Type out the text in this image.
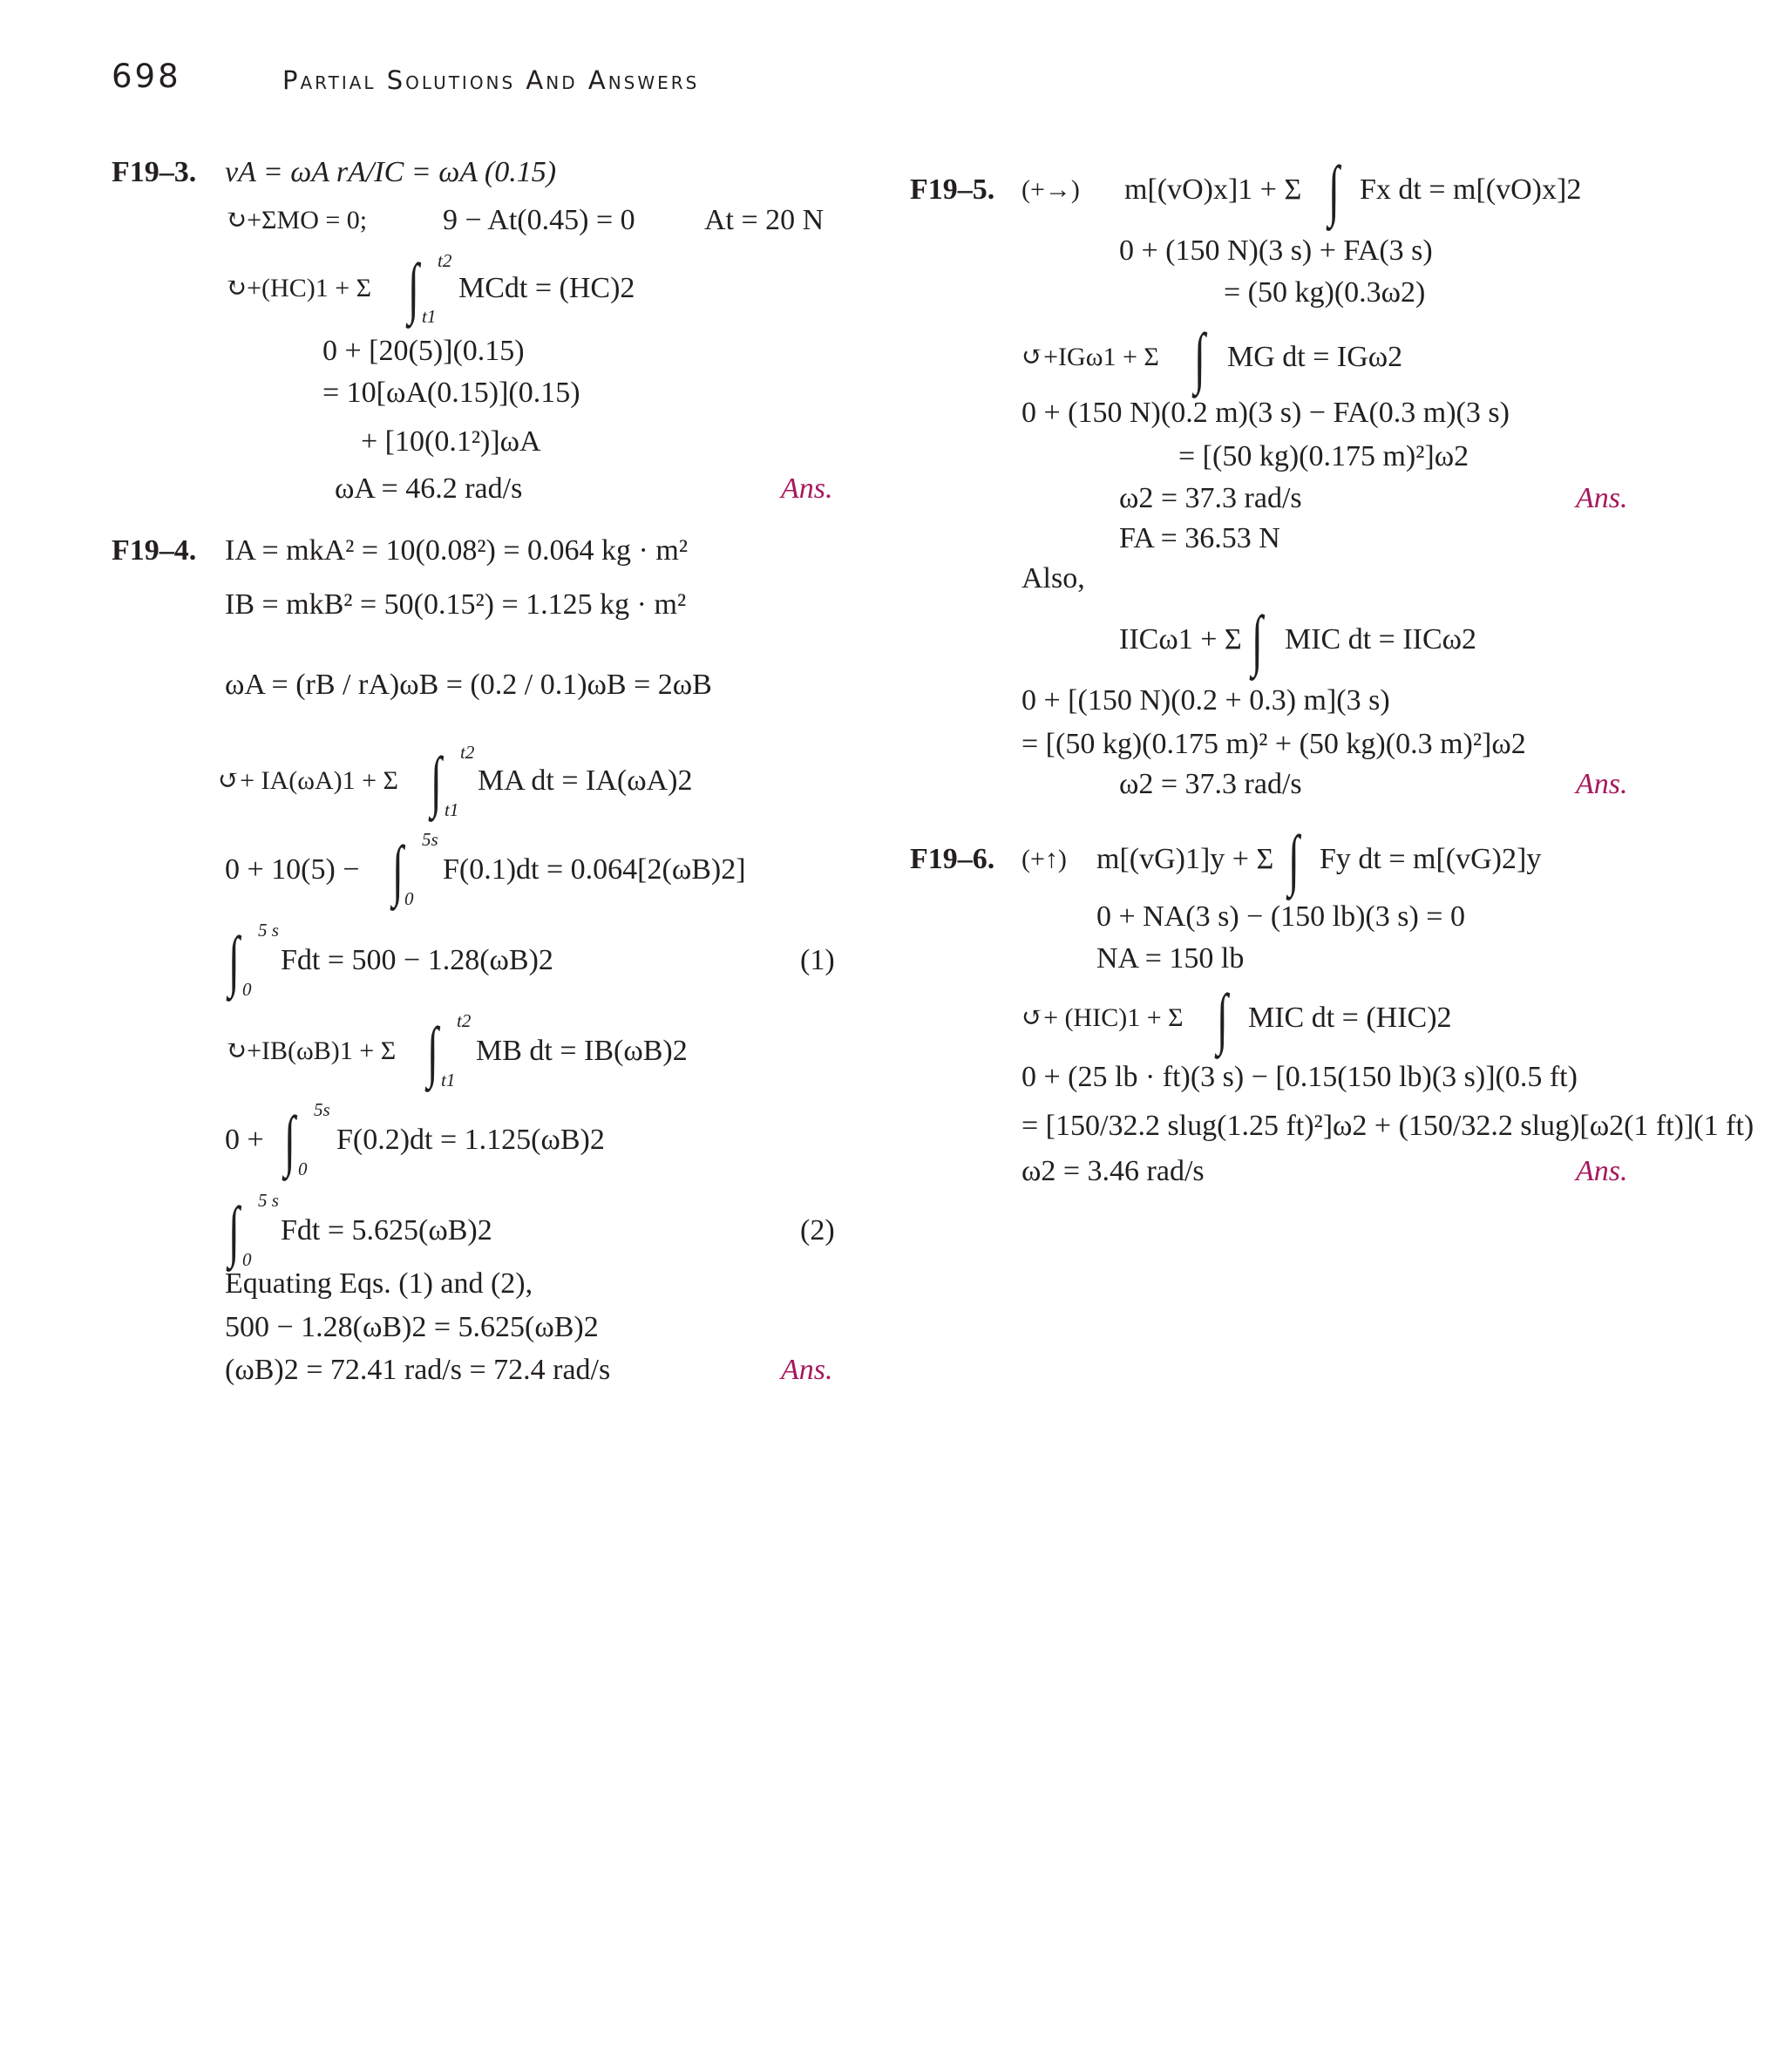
698	Partial Solutions And Answers
F19–3. vA = ωA rA/IC = ωA (0.15)
↻+ΣMO = 0;	9 − At(0.45) = 0 At = 20 N
↻+(HC)1 + Σ ∫ t2
t1
MCdt = (HC)2
0 + [20(5)](0.15)
= 10[ωA(0.15)](0.15)
+ [10(0.1²)]ωA
ωA = 46.2 rad/s	Ans.
F19–4. IA = mkA² = 10(0.08²) = 0.064 kg · m²
IB = mkB² = 50(0.15²) = 1.125 kg · m²
ωA = (rB / rA)ωB = (0.2 / 0.1)ωB = 2ωB
↺+ IA(ωA)1 + Σ ∫ t2
t1
MA dt = IA(ωA)2
0 + 10(5) − ∫ 5s
0
F(0.1)dt = 0.064[2(ωB)2]
∫ 5 s
0
Fdt = 500 − 1.28(ωB)2	(1)
↻+IB(ωB)1 + Σ ∫ t2
t1
MB dt = IB(ωB)2
0 + ∫ 5s
0
F(0.2)dt = 1.125(ωB)2
∫ 5 s
0
Fdt = 5.625(ωB)2	(2)
Equating Eqs. (1) and (2),
500 − 1.28(ωB)2 = 5.625(ωB)2
(ωB)2 = 72.41 rad/s = 72.4 rad/s	Ans.
F19–5. (+→) m[(vO)x]1 + Σ ∫ Fx dt = m[(vO)x]2
0 + (150 N)(3 s) + FA(3 s)
= (50 kg)(0.3ω2)
↺+IGω1 + Σ ∫ MG dt = IGω2
0 + (150 N)(0.2 m)(3 s) − FA(0.3 m)(3 s)
= [(50 kg)(0.175 m)²]ω2
ω2 = 37.3 rad/s	Ans.
FA = 36.53 N
Also,
IICω1 + Σ ∫ MIC dt = IICω2
0 + [(150 N)(0.2 + 0.3) m](3 s)
= [(50 kg)(0.175 m)² + (50 kg)(0.3 m)²]ω2
ω2 = 37.3 rad/s	Ans.
F19–6. (+↑) m[(vG)1]y + Σ ∫ Fy dt = m[(vG)2]y
0 + NA(3 s) − (150 lb)(3 s) = 0
NA = 150 lb
↺+ (HIC)1 + Σ ∫ MIC dt = (HIC)2
0 + (25 lb · ft)(3 s) − [0.15(150 lb)(3 s)](0.5 ft)
= [150/32.2 slug(1.25 ft)²]ω2 + (150/32.2 slug)[ω2(1 ft)](1 ft)
ω2 = 3.46 rad/s	Ans.
